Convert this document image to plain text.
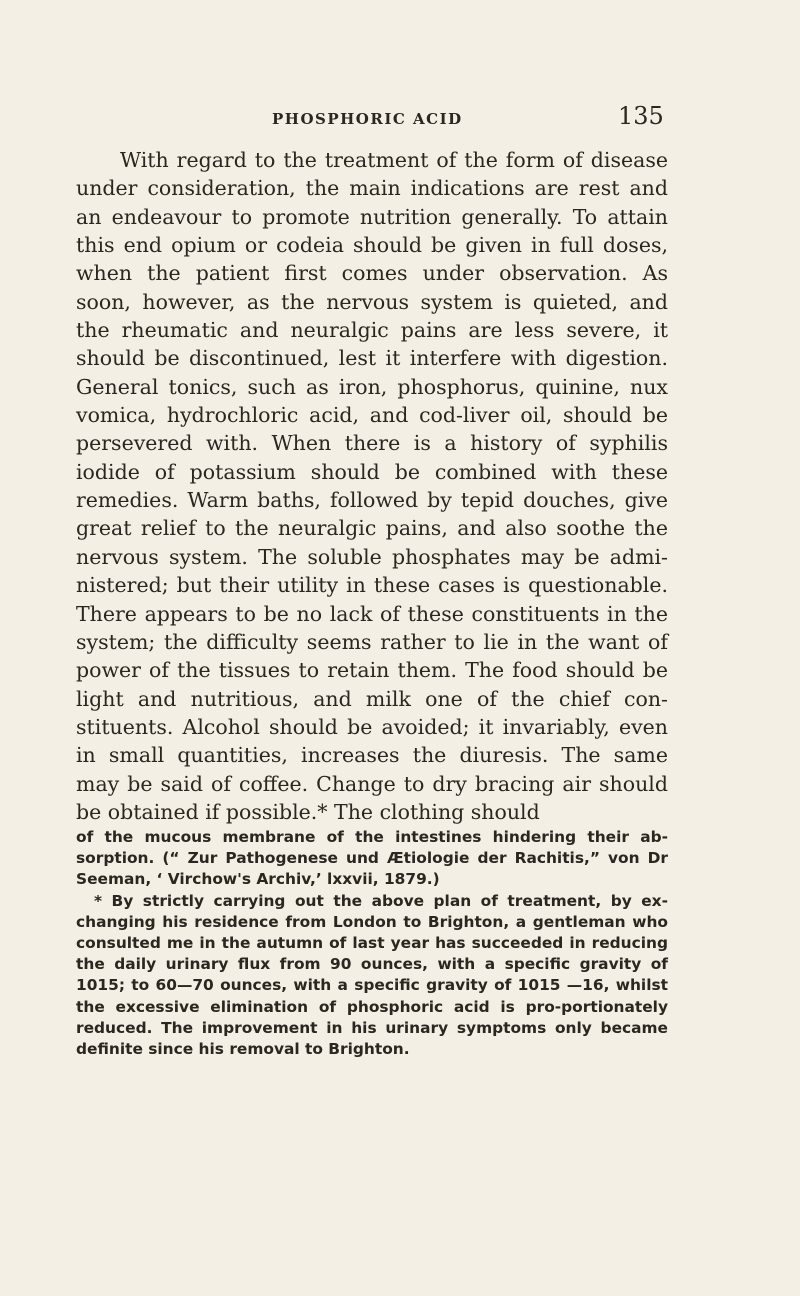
PHOSPHORIC ACID	135

With regard to the treatment of the form of disease under consideration, the main indications are rest and an endeavour to promote nutrition generally. To attain this end opium or codeia should be given in full doses, when the patient first comes under observation. As soon, however, as the nervous system is quieted, and the rheumatic and neuralgic pains are less severe, it should be discontinued, lest it interfere with digestion. General tonics, such as iron, phosphorus, quinine, nux vomica, hydrochloric acid, and cod-liver oil, should be persevered with. When there is a history of syphilis iodide of potassium should be combined with these remedies. Warm baths, followed by tepid douches, give great relief to the neuralgic pains, and also soothe the nervous system. The soluble phosphates may be admi-nistered; but their utility in these cases is questionable. There appears to be no lack of these constituents in the system; the difficulty seems rather to lie in the want of power of the tissues to retain them. The food should be light and nutritious, and milk one of the chief con-stituents. Alcohol should be avoided; it invariably, even in small quantities, increases the diuresis. The same may be said of coffee. Change to dry bracing air should be obtained if possible.* The clothing should

of the mucous membrane of the intestines hindering their ab-sorption. (“ Zur Pathogenese und Ætiologie der Rachitis,” von Dr Seeman, ‘ Virchow's Archiv,’ lxxvii, 1879.)

* By strictly carrying out the above plan of treatment, by ex-changing his residence from London to Brighton, a gentleman who consulted me in the autumn of last year has succeeded in reducing the daily urinary flux from 90 ounces, with a specific gravity of 1015; to 60—70 ounces, with a specific gravity of 1015 —16, whilst the excessive elimination of phosphoric acid is pro-portionately reduced. The improvement in his urinary symptoms only became definite since his removal to Brighton.
